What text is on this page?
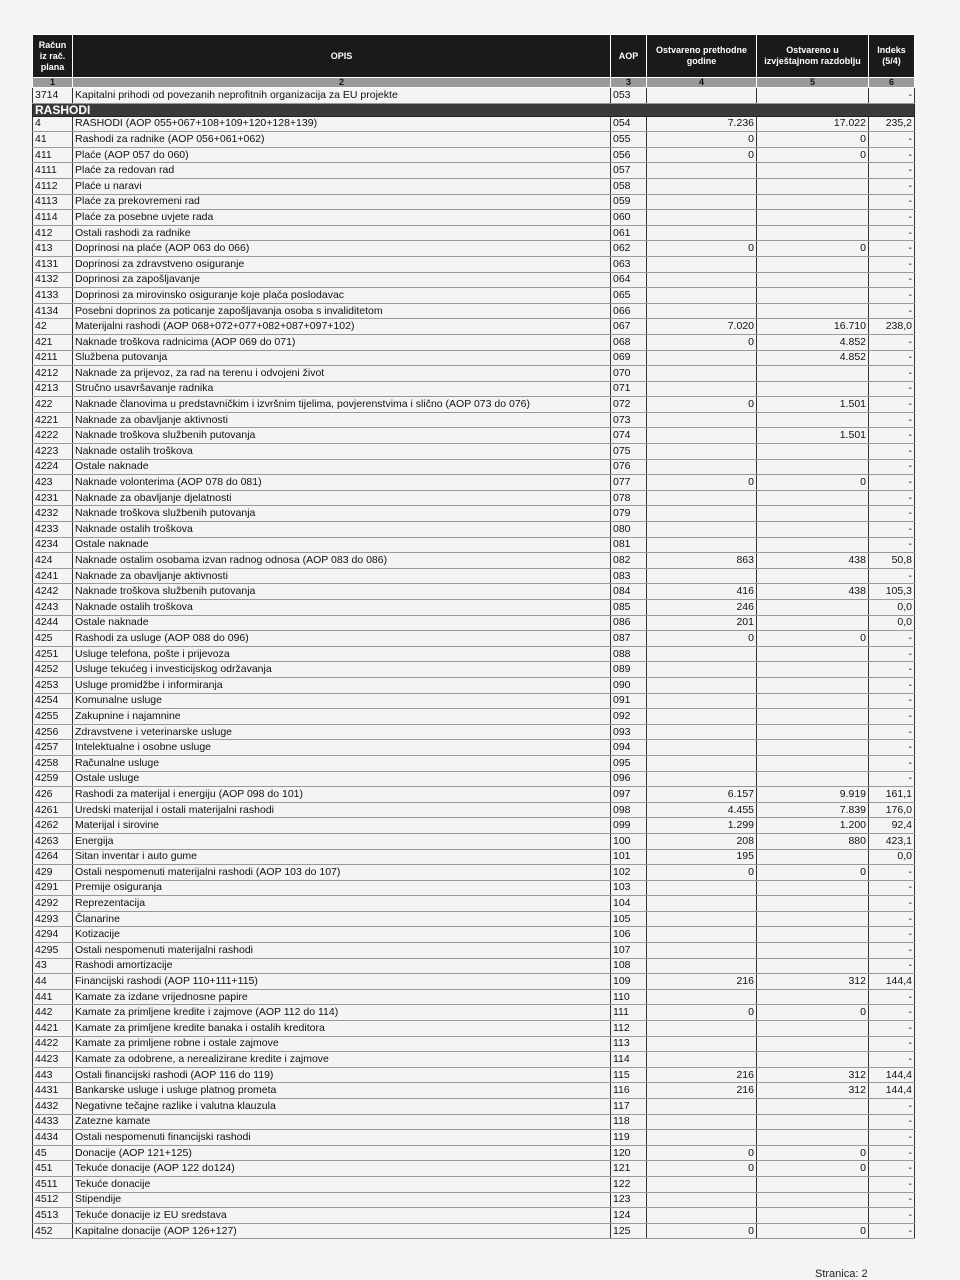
Račun iz rač. plana	OPIS	AOP	Ostvareno prethodne godine	Ostvareno u izvještajnom razdoblju	Indeks (5/4)
1	2	3	4	5	6
3714	Kapitalni prihodi od povezanih neprofitnih organizacija za EU projekte	053			-
RASHODI					
4	RASHODI (AOP 055+067+108+109+120+128+139)	054	7.236	17.022	235,2
41	Rashodi za radnike (AOP 056+061+062)	055	0	0	-
411	Plaće (AOP 057 do 060)	056	0	0	-
4111	Plaće za redovan rad	057			-
4112	Plaće u naravi	058			-
4113	Plaće za prekovremeni rad	059			-
4114	Plaće za posebne uvjete rada	060			-
412	Ostali rashodi za radnike	061			-
413	Doprinosi na plaće (AOP 063 do 066)	062	0	0	-
4131	Doprinosi za zdravstveno osiguranje	063			-
4132	Doprinosi za zapošljavanje	064			-
4133	Doprinosi za mirovinsko osiguranje koje plaća poslodavac	065			-
4134	Posebni doprinos za poticanje zapošljavanja osoba s invaliditetom	066			-
42	Materijalni rashodi (AOP 068+072+077+082+087+097+102)	067	7.020	16.710	238,0
421	Naknade troškova radnicima (AOP 069 do 071)	068	0	4.852	-
4211	Službena putovanja	069		4.852	-
4212	Naknade za prijevoz, za rad na terenu i odvojeni život	070			-
4213	Stručno usavršavanje radnika	071			-
422	Naknade članovima u predstavničkim i izvršnim tijelima, povjerenstvima i slično (AOP 073 do 076)	072	0	1.501	-
4221	Naknade za obavljanje aktivnosti	073			-
4222	Naknade troškova službenih putovanja	074		1.501	-
4223	Naknade ostalih troškova	075			-
4224	Ostale naknade	076			-
423	Naknade volonterima (AOP 078 do 081)	077	0	0	-
4231	Naknade za obavljanje djelatnosti	078			-
4232	Naknade troškova službenih putovanja	079			-
4233	Naknade ostalih troškova	080			-
4234	Ostale naknade	081			-
424	Naknade ostalim osobama izvan radnog odnosa (AOP 083 do 086)	082	863	438	50,8
4241	Naknade za obavljanje aktivnosti	083			-
4242	Naknade troškova službenih putovanja	084	416	438	105,3
4243	Naknade ostalih troškova	085	246		0,0
4244	Ostale naknade	086	201		0,0
425	Rashodi za usluge (AOP 088 do 096)	087	0	0	-
4251	Usluge telefona, pošte i prijevoza	088			-
4252	Usluge tekućeg i investicijskog održavanja	089			-
4253	Usluge promidžbe i informiranja	090			-
4254	Komunalne usluge	091			-
4255	Zakupnine i najamnine	092			-
4256	Zdravstvene i veterinarske usluge	093			-
4257	Intelektualne i osobne usluge	094			-
4258	Računalne usluge	095			-
4259	Ostale usluge	096			-
426	Rashodi za materijal i energiju (AOP 098 do 101)	097	6.157	9.919	161,1
4261	Uredski materijal i ostali materijalni rashodi	098	4.455	7.839	176,0
4262	Materijal i sirovine	099	1.299	1.200	92,4
4263	Energija	100	208	880	423,1
4264	Sitan inventar i auto gume	101	195		0,0
429	Ostali nespomenuti materijalni rashodi (AOP 103 do 107)	102	0	0	-
4291	Premije osiguranja	103			-
4292	Reprezentacija	104			-
4293	Članarine	105			-
4294	Kotizacije	106			-
4295	Ostali nespomenuti materijalni rashodi	107			-
43	Rashodi amortizacije	108			-
44	Financijski rashodi (AOP 110+111+115)	109	216	312	144,4
441	Kamate za izdane vrijednosne papire	110			-
442	Kamate za primljene kredite i zajmove (AOP 112 do 114)	111	0	0	-
4421	Kamate za primljene kredite banaka i ostalih kreditora	112			-
4422	Kamate za primljene robne i ostale zajmove	113			-
4423	Kamate za odobrene, a nerealizirane kredite i zajmove	114			-
443	Ostali financijski rashodi (AOP 116 do 119)	115	216	312	144,4
4431	Bankarske usluge i usluge platnog prometa	116	216	312	144,4
4432	Negativne tečajne razlike i valutna klauzula	117			-
4433	Zatezne kamate	118			-
4434	Ostali nespomenuti financijski rashodi	119			-
45	Donacije (AOP 121+125)	120	0	0	-
451	Tekuće donacije (AOP 122 do124)	121	0	0	-
4511	Tekuće donacije	122			-
4512	Stipendije	123			-
4513	Tekuće donacije iz EU sredstava	124			-
452	Kapitalne donacije (AOP 126+127)	125	0	0	-
Stranica: 2
